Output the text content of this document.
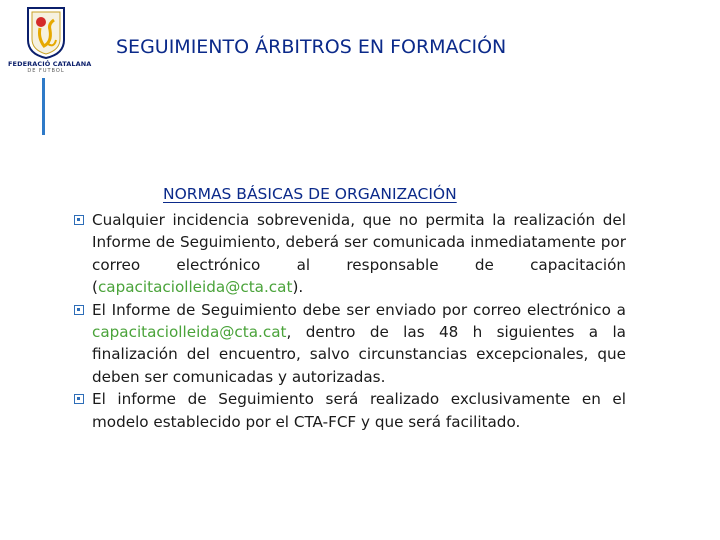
FEDERACIÓ CATALANA
DE FUTBOL
SEGUIMIENTO ÁRBITROS EN FORMACIÓN
NORMAS BÁSICAS DE ORGANIZACIÓN
Cualquier incidencia sobrevenida, que no permita la realización del Informe de Seguimiento, deberá ser comunicada inmediatamente por correo electrónico al responsable de capacitación (capacitaciolleida@cta.cat).
El Informe de Seguimiento debe ser enviado por correo electrónico a capacitaciolleida@cta.cat, dentro de las 48 h siguientes a la finalización del encuentro, salvo circunstancias excepcionales, que deben ser comunicadas y autorizadas.
El informe de Seguimiento será realizado exclusivamente en el modelo establecido por el CTA-FCF y que será facilitado.
